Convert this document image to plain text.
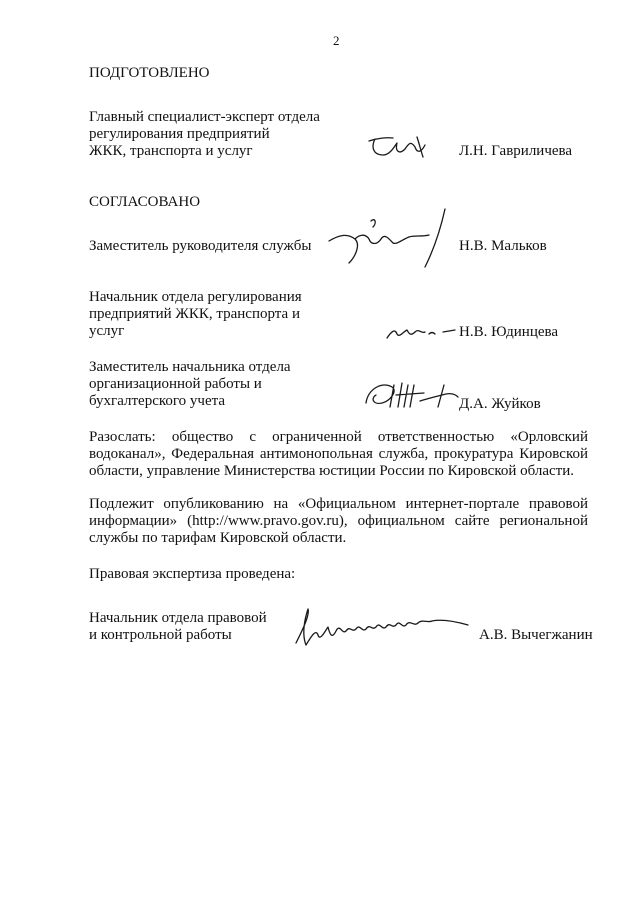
2
ПОДГОТОВЛЕНО
Главный специалист-эксперт отдела
регулирования предприятий
ЖКК, транспорта и услуг	Л.Н. Гавриличева
СОГЛАСОВАНО
Заместитель руководителя службы	Н.В. Мальков
Начальник отдела регулирования
предприятий ЖКК, транспорта и
услуг	Н.В. Юдинцева
Заместитель начальника отдела
организационной работы и
бухгалтерского учета	Д.А. Жуйков
Разослать: общество с ограниченной ответственностью «Орловский водоканал», Федеральная антимонопольная служба, прокуратура Кировской области, управление Министерства юстиции России по Кировской области.
Подлежит опубликованию на «Официальном интернет-портале правовой информации» (http://www.pravo.gov.ru), официальном сайте региональной службы по тарифам Кировской области.
Правовая экспертиза проведена:
Начальник отдела правовой
и контрольной работы	А.В. Вычегжанин
